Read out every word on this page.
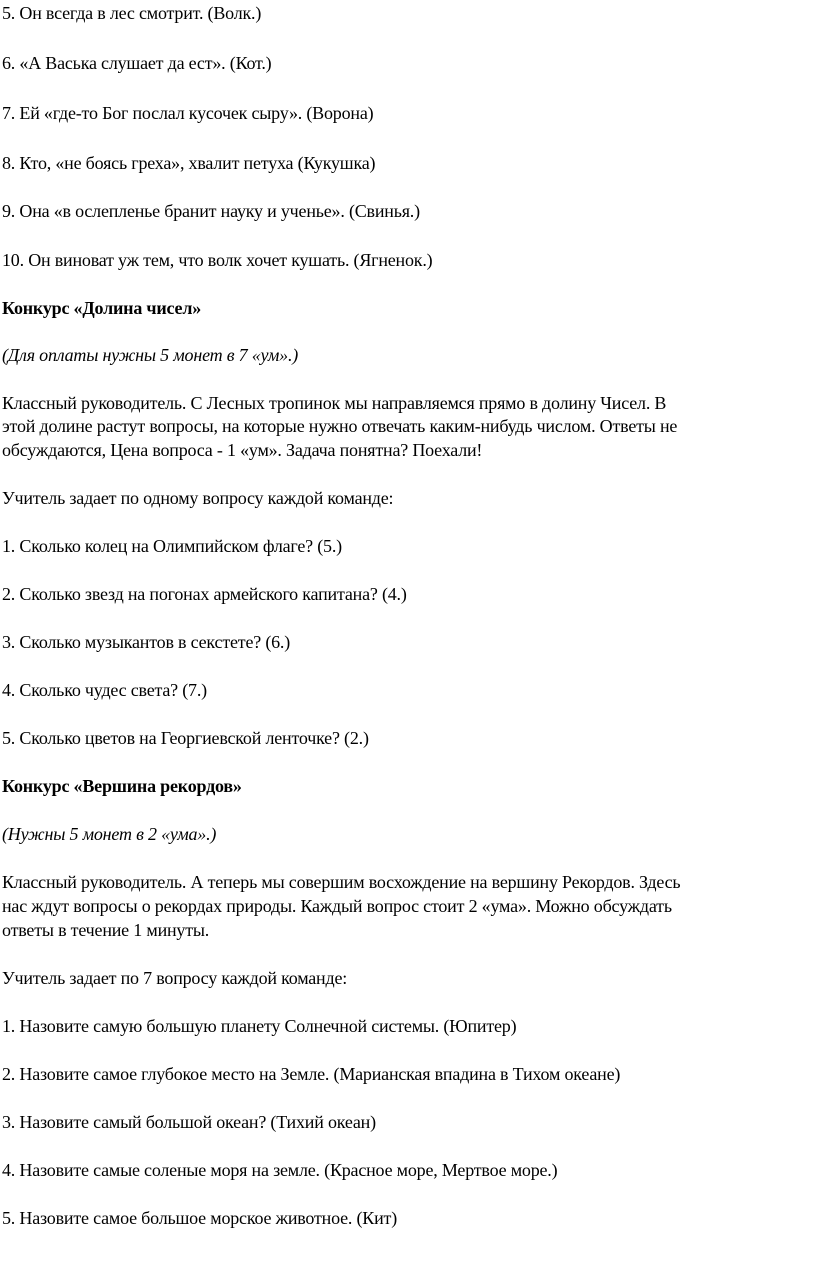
5. Он всегда в лес смотрит. (Волк.)
6. «А Васька слушает да ест». (Кот.)
7. Ей «где-то Бог послал кусочек сыру». (Ворона)
8. Кто, «не боясь греха», хвалит петуха (Кукушка)
9. Она «в ослепленье бранит науку и ученье». (Свинья.)
10. Он виноват уж тем, что волк хочет кушать. (Ягненок.)
Конкурс «Долина чисел»
(Для оплаты нужны 5 монет в 7 «ум».)
Классный руководитель. С Лесных тропинок мы направляемся прямо в долину Чисел. В
этой долине растут вопросы, на которые нужно отвечать каким-нибудь числом. Ответы не
обсуждаются, Цена вопроса - 1 «ум». Задача понятна? Поехали!
Учитель задает по одному вопросу каждой команде:
1. Сколько колец на Олимпийском флаге? (5.)
2. Сколько звезд на погонах армейского капитана? (4.)
3. Сколько музыкантов в секстете? (6.)
4. Сколько чудес света? (7.)
5. Сколько цветов на Георгиевской ленточке? (2.)
Конкурс «Вершина рекордов»
(Нужны 5 монет в 2 «ума».)
Классный руководитель. А теперь мы совершим восхождение на вершину Рекордов. Здесь
нас ждут вопросы о рекордах природы. Каждый вопрос стоит 2 «ума». Можно обсуждать
ответы в течение 1 минуты.
Учитель задает по 7 вопросу каждой команде:
1. Назовите самую большую планету Солнечной системы. (Юпитер)
2. Назовите самое глубокое место на Земле. (Марианская впадина в Тихом океане)
3. Назовите самый большой океан? (Тихий океан)
4. Назовите самые соленые моря на земле. (Красное море, Мертвое море.)
5. Назовите самое большое морское животное. (Кит)
